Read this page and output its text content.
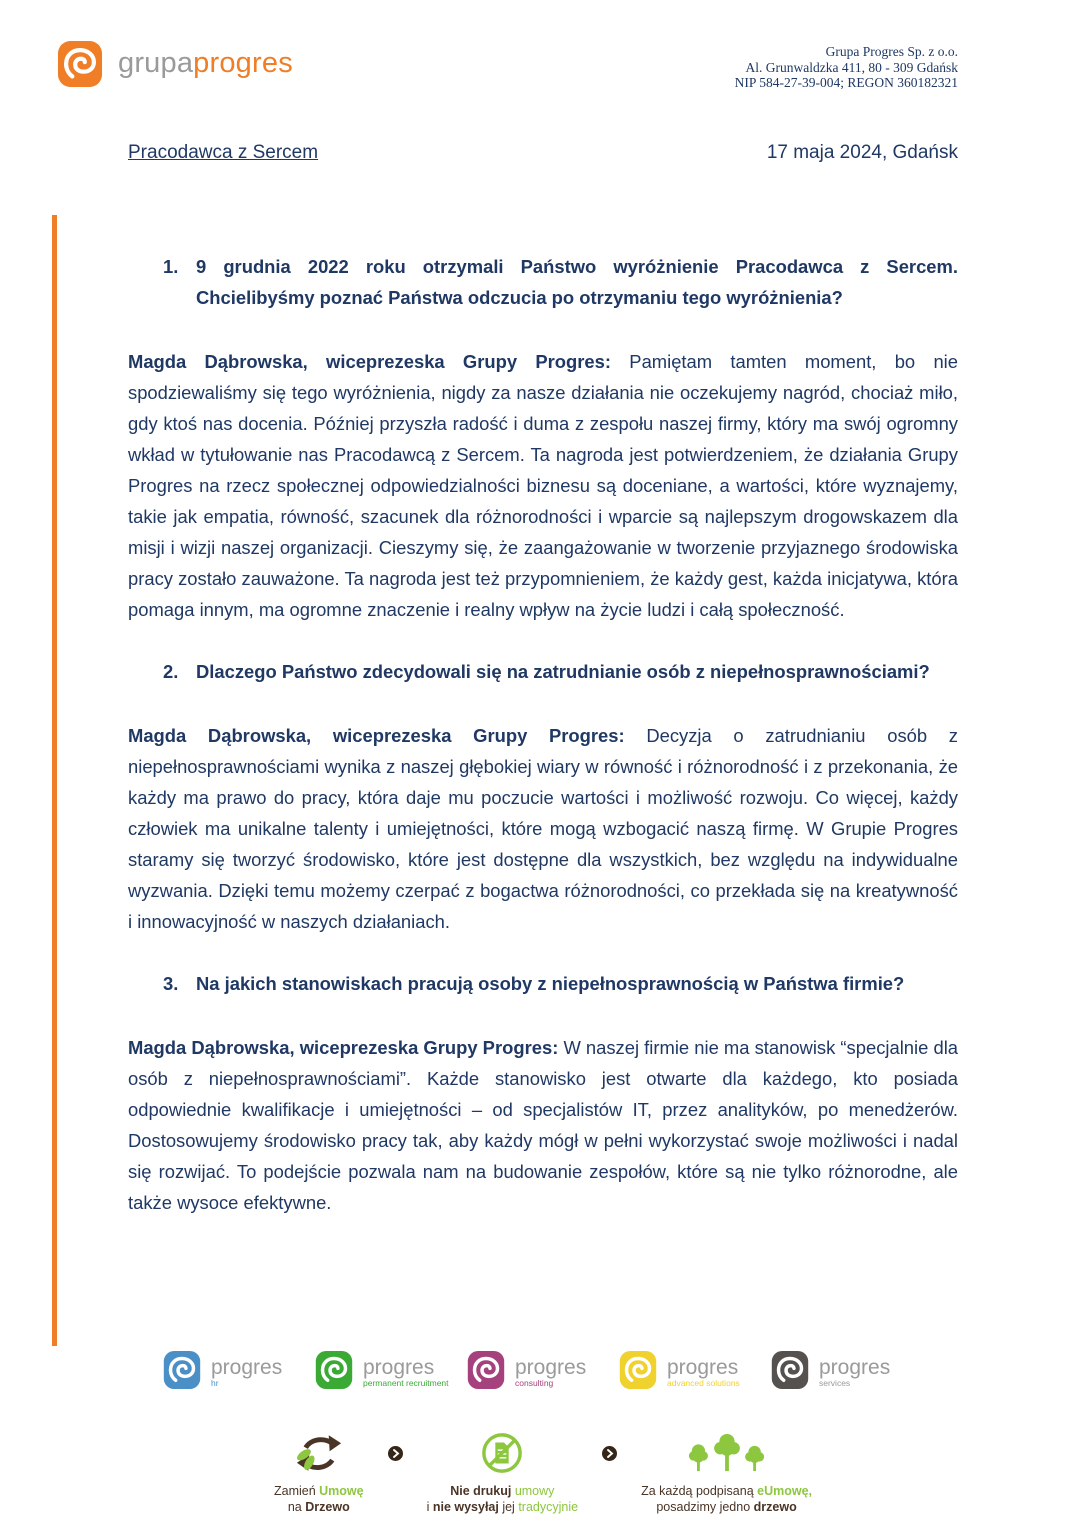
grupaprogres	Grupa Progres Sp. z o.o.
Al. Grunwaldzka 411, 80 - 309 Gdańsk
NIP 584-27-39-004; REGON 360182321
Pracodawca z Sercem	17 maja 2024, Gdańsk
1. 9 grudnia 2022 roku otrzymali Państwo wyróżnienie Pracodawca z Sercem. Chcielibyśmy poznać Państwa odczucia po otrzymaniu tego wyróżnienia?

Magda Dąbrowska, wiceprezeska Grupy Progres: Pamiętam tamten moment, bo nie spodziewaliśmy się tego wyróżnienia, nigdy za nasze działania nie oczekujemy nagród, chociaż miło, gdy ktoś nas docenia. Później przyszła radość i duma z zespołu naszej firmy, który ma swój ogromny wkład w tytułowanie nas Pracodawcą z Sercem. Ta nagroda jest potwierdzeniem, że działania Grupy Progres na rzecz społecznej odpowiedzialności biznesu są doceniane, a wartości, które wyznajemy, takie jak empatia, równość, szacunek dla różnorodności i wparcie są najlepszym drogowskazem dla misji i wizji naszej organizacji. Cieszymy się, że zaangażowanie w tworzenie przyjaznego środowiska pracy zostało zauważone. Ta nagroda jest też przypomnieniem, że każdy gest, każda inicjatywa, która pomaga innym, ma ogromne znaczenie i realny wpływ na życie ludzi i całą społeczność.

2. Dlaczego Państwo zdecydowali się na zatrudnianie osób z niepełnosprawnościami?

Magda Dąbrowska, wiceprezeska Grupy Progres: Decyzja o zatrudnianiu osób z niepełnosprawnościami wynika z naszej głębokiej wiary w równość i różnorodność i z przekonania, że każdy ma prawo do pracy, która daje mu poczucie wartości i możliwość rozwoju. Co więcej, każdy człowiek ma unikalne talenty i umiejętności, które mogą wzbogacić naszą firmę. W Grupie Progres staramy się tworzyć środowisko, które jest dostępne dla wszystkich, bez względu na indywidualne wyzwania. Dzięki temu możemy czerpać z bogactwa różnorodności, co przekłada się na kreatywność i innowacyjność w naszych działaniach.

3. Na jakich stanowiskach pracują osoby z niepełnosprawnością w Państwa firmie?

Magda Dąbrowska, wiceprezeska Grupy Progres: W naszej firmie nie ma stanowisk “specjalnie dla osób z niepełnosprawnościami”. Każde stanowisko jest otwarte dla każdego, kto posiada odpowiednie kwalifikacje i umiejętności – od specjalistów IT, przez analityków, po menedżerów. Dostosowujemy środowisko pracy tak, aby każdy mógł w pełni wykorzystać swoje możliwości i nadal się rozwijać. To podejście pozwala nam na budowanie zespołów, które są nie tylko różnorodne, ale także wysoce efektywne.

progres
hr
progres
permanent recruitment
progres
consulting
progres
advanced solutions
progres
services
Zamień Umowę
na Drzewo
Nie drukuj umowy
i nie wysyłaj jej tradycyjnie
Za każdą podpisaną eUmowę,
posadzimy jedno drzewo
